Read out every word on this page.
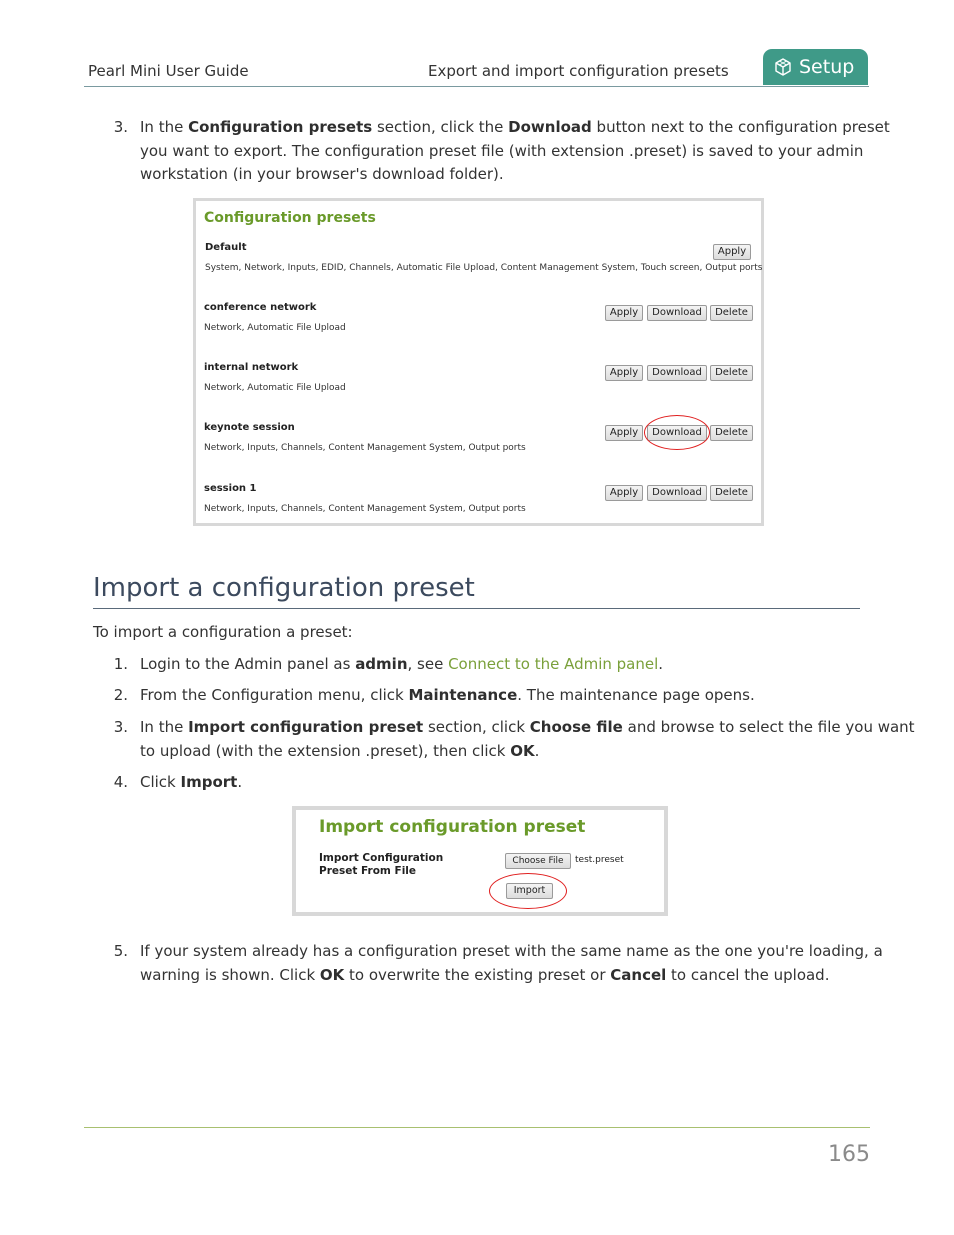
Pearl Mini User Guide	Export and import configuration presets	Setup
3. In the Configuration presets section, click the Download button next to the configuration preset
you want to export. The configuration preset file (with extension .preset) is saved to your admin
workstation (in your browser's download folder).
Configuration presets
Default
System, Network, Inputs, EDID, Channels, Automatic File Upload, Content Management System, Touch screen, Output ports
Apply
conference network
Network, Automatic File Upload
Apply	Download	Delete
internal network
Network, Automatic File Upload
Apply	Download	Delete
keynote session
Network, Inputs, Channels, Content Management System, Output ports
Apply	Download	Delete
session 1
Network, Inputs, Channels, Content Management System, Output ports
Apply	Download	Delete
Import a configuration preset
To import a configuration a preset:
1. Login to the Admin panel as admin, see Connect to the Admin panel.
2. From the Configuration menu, click Maintenance. The maintenance page opens.
3. In the Import configuration preset section, click Choose file and browse to select the file you want
to upload (with the extension .preset), then click OK.
4. Click Import.
Import configuration preset
Import Configuration
Preset From File
Choose File	test.preset
Import
5. If your system already has a configuration preset with the same name as the one you're loading, a
warning is shown. Click OK to overwrite the existing preset or Cancel to cancel the upload.
165
